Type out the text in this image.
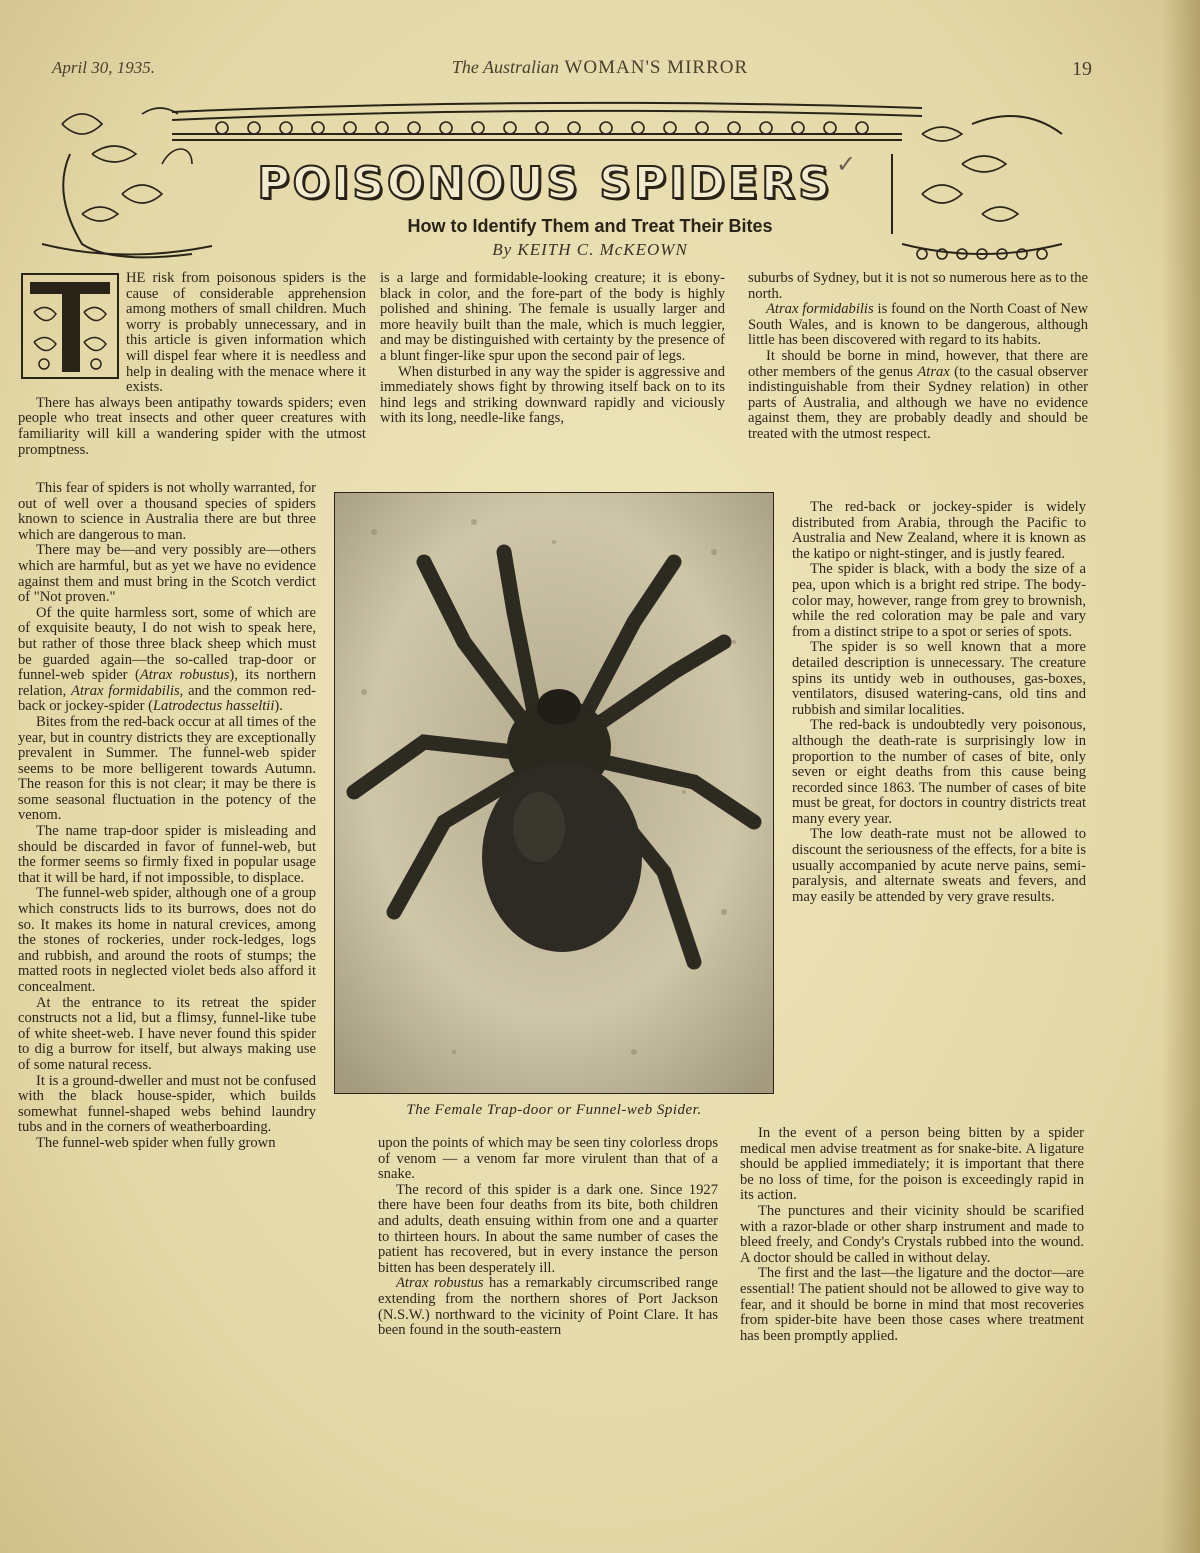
April 30, 1935.	The Australian WOMAN'S MIRROR	19
POISONOUS SPIDERS ✓
How to Identify Them and Treat Their Bites
By KEITH C. McKEOWN

HE risk from poisonous spiders is the cause of considerable apprehension among mothers of small children. Much worry is probably unnecessary, and in this article is given information which will dispel fear where it is needless and help in dealing with the menace where it exists.

There has always been antipathy towards spiders; even people who treat insects and other queer creatures with familiarity will kill a wandering spider with the utmost promptness.

This fear of spiders is not wholly warranted, for out of well over a thousand species of spiders known to science in Australia there are but three which are dangerous to man.

There may be—and very possibly are—others which are harmful, but as yet we have no evidence against them and must bring in the Scotch verdict of "Not proven."

Of the quite harmless sort, some of which are of exquisite beauty, I do not wish to speak here, but rather of those three black sheep which must be guarded again—the so-called trap-door or funnel-web spider (Atrax robustus), its northern relation, Atrax formidabilis, and the common red-back or jockey-spider (Latrodectus hasseltii).

Bites from the red-back occur at all times of the year, but in country districts they are exceptionally prevalent in Summer. The funnel-web spider seems to be more belligerent towards Autumn. The reason for this is not clear; it may be there is some seasonal fluctuation in the potency of the venom.

The name trap-door spider is misleading and should be discarded in favor of funnel-web, but the former seems so firmly fixed in popular usage that it will be hard, if not impossible, to displace.

The funnel-web spider, although one of a group which constructs lids to its burrows, does not do so. It makes its home in natural crevices, among the stones of rockeries, under rock-ledges, logs and rubbish, and around the roots of stumps; the matted roots in neglected violet beds also afford it concealment.

At the entrance to its retreat the spider constructs not a lid, but a flimsy, funnel-like tube of white sheet-web. I have never found this spider to dig a burrow for itself, but always making use of some natural recess.

It is a ground-dweller and must not be confused with the black house-spider, which builds somewhat funnel-shaped webs behind laundry tubs and in the corners of weatherboarding.

The funnel-web spider when fully grown

is a large and formidable-looking creature; it is ebony-black in color, and the fore-part of the body is highly polished and shining. The female is usually larger and more heavily built than the male, which is much leggier, and may be distinguished with certainty by the presence of a blunt finger-like spur upon the second pair of legs.

When disturbed in any way the spider is aggressive and immediately shows fight by throwing itself back on to its hind legs and striking downward rapidly and viciously with its long, needle-like fangs,

The Female Trap-door or Funnel-web Spider.

upon the points of which may be seen tiny colorless drops of venom — a venom far more virulent than that of a snake.

The record of this spider is a dark one. Since 1927 there have been four deaths from its bite, both children and adults, death ensuing within from one and a quarter to thirteen hours. In about the same number of cases the patient has recovered, but in every instance the person bitten has been desperately ill.

Atrax robustus has a remarkably circumscribed range extending from the northern shores of Port Jackson (N.S.W.) northward to the vicinity of Point Clare. It has been found in the south-eastern

suburbs of Sydney, but it is not so numerous here as to the north.

Atrax formidabilis is found on the North Coast of New South Wales, and is known to be dangerous, although little has been discovered with regard to its habits.

It should be borne in mind, however, that there are other members of the genus Atrax (to the casual observer indistinguishable from their Sydney relation) in other parts of Australia, and although we have no evidence against them, they are probably deadly and should be treated with the utmost respect.

The red-back or jockey-spider is widely distributed from Arabia, through the Pacific to Australia and New Zealand, where it is known as the katipo or night-stinger, and is justly feared.

The spider is black, with a body the size of a pea, upon which is a bright red stripe. The body-color may, however, range from grey to brownish, while the red coloration may be pale and vary from a distinct stripe to a spot or series of spots.

The spider is so well known that a more detailed description is unnecessary. The creature spins its untidy web in outhouses, gas-boxes, ventilators, disused watering-cans, old tins and rubbish and similar localities.

The red-back is undoubtedly very poisonous, although the death-rate is surprisingly low in proportion to the number of cases of bite, only seven or eight deaths from this cause being recorded since 1863. The number of cases of bite must be great, for doctors in country districts treat many every year.

The low death-rate must not be allowed to discount the seriousness of the effects, for a bite is usually accompanied by acute nerve pains, semi-paralysis, and alternate sweats and fevers, and may easily be attended by very grave results.

In the event of a person being bitten by a spider medical men advise treatment as for snake-bite. A ligature should be applied immediately; it is important that there be no loss of time, for the poison is exceedingly rapid in its action.

The punctures and their vicinity should be scarified with a razor-blade or other sharp instrument and made to bleed freely, and Condy's Crystals rubbed into the wound. A doctor should be called in without delay.

The first and the last—the ligature and the doctor—are essential! The patient should not be allowed to give way to fear, and it should be borne in mind that most recoveries from spider-bite have been those cases where treatment has been promptly applied.
